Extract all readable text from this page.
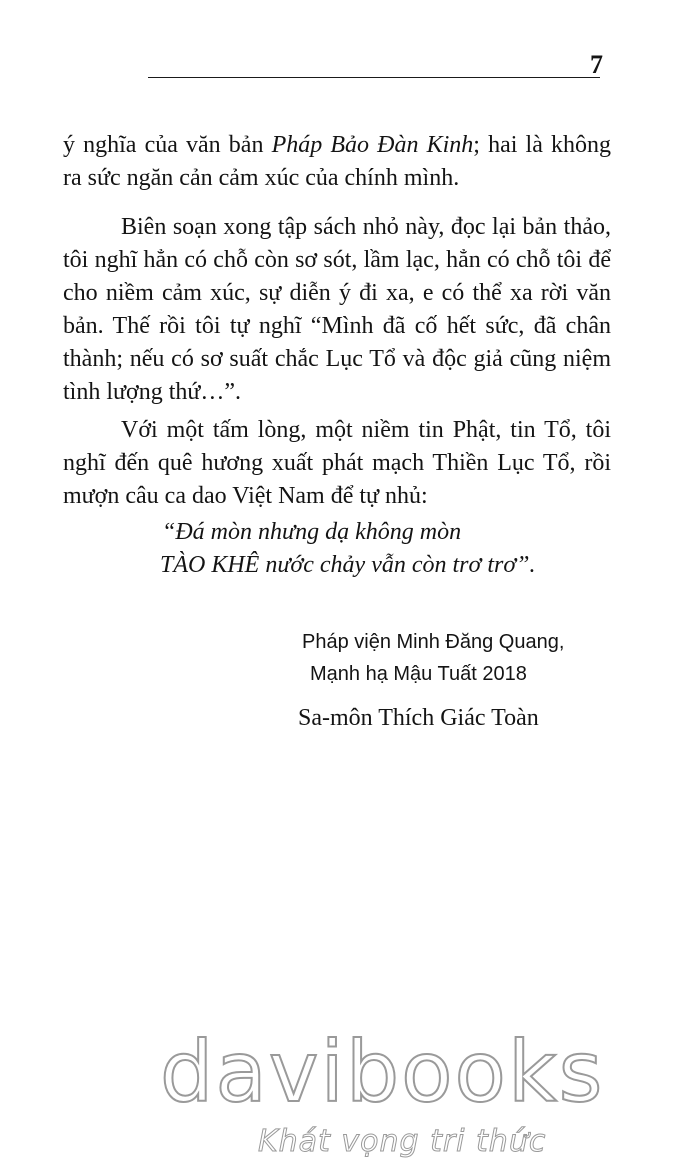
7

ý nghĩa của văn bản Pháp Bảo Đàn Kinh; hai là không ra sức ngăn cản cảm xúc của chính mình.

Biên soạn xong tập sách nhỏ này, đọc lại bản thảo, tôi nghĩ hẳn có chỗ còn sơ sót, lầm lạc, hẳn có chỗ tôi để cho niềm cảm xúc, sự diễn ý đi xa, e có thể xa rời văn bản. Thế rồi tôi tự nghĩ “Mình đã cố hết sức, đã chân thành; nếu có sơ suất chắc Lục Tổ và độc giả cũng niệm tình lượng thứ…”.

Với một tấm lòng, một niềm tin Phật, tin Tổ, tôi nghĩ đến quê hương xuất phát mạch Thiền Lục Tổ, rồi mượn câu ca dao Việt Nam để tự nhủ:

“Đá mòn nhưng dạ không mòn
TÀO KHÊ nước chảy vẫn còn trơ trơ”.
Pháp viện Minh Đăng Quang,
Mạnh hạ Mậu Tuất 2018
Sa-môn Thích Giác Toàn
davibooks
Khát vọng tri thức
